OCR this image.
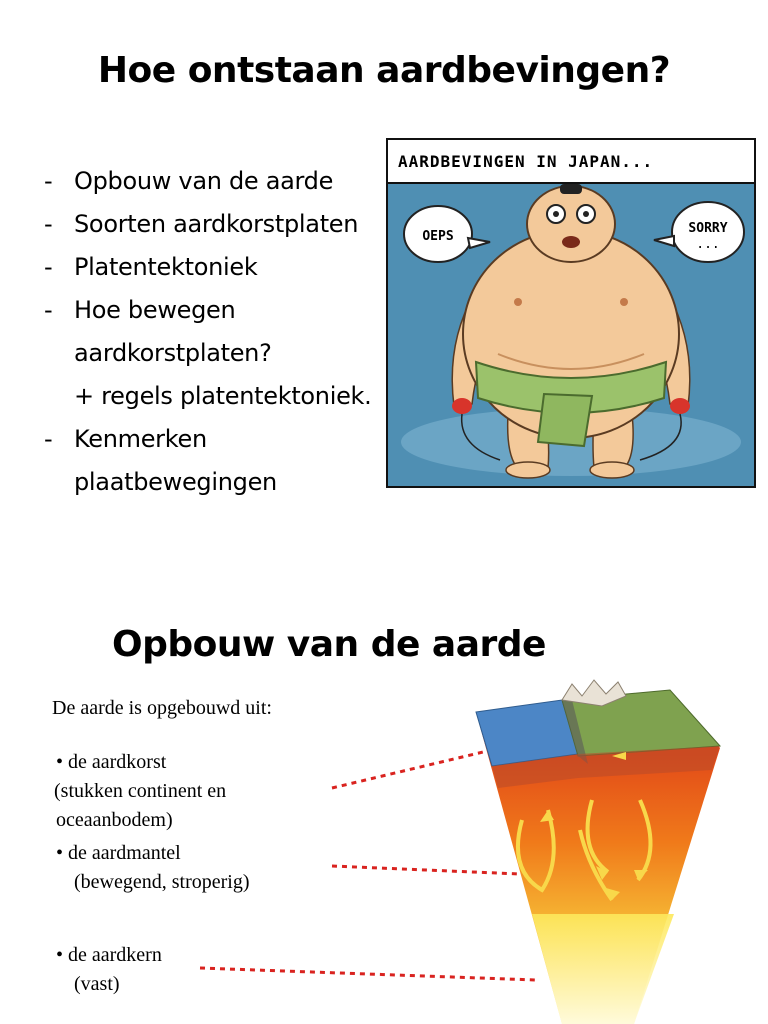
Hoe ontstaan aardbevingen?
- Opbouw van de aarde
- Soorten aardkorstplaten
- Platentektoniek
- Hoe bewegen
aardkorstplaten?
+ regels platentektoniek.
- Kenmerken
plaatbewegingen
AARDBEVINGEN IN JAPAN...
OEPS
SORRY
...
Opbouw van de aarde
De aarde is opgebouwd uit:
• de aardkorst
(stukken continent en
oceaanbodem)
• de aardmantel
(bewegend, stroperig)
• de aardkern
(vast)
